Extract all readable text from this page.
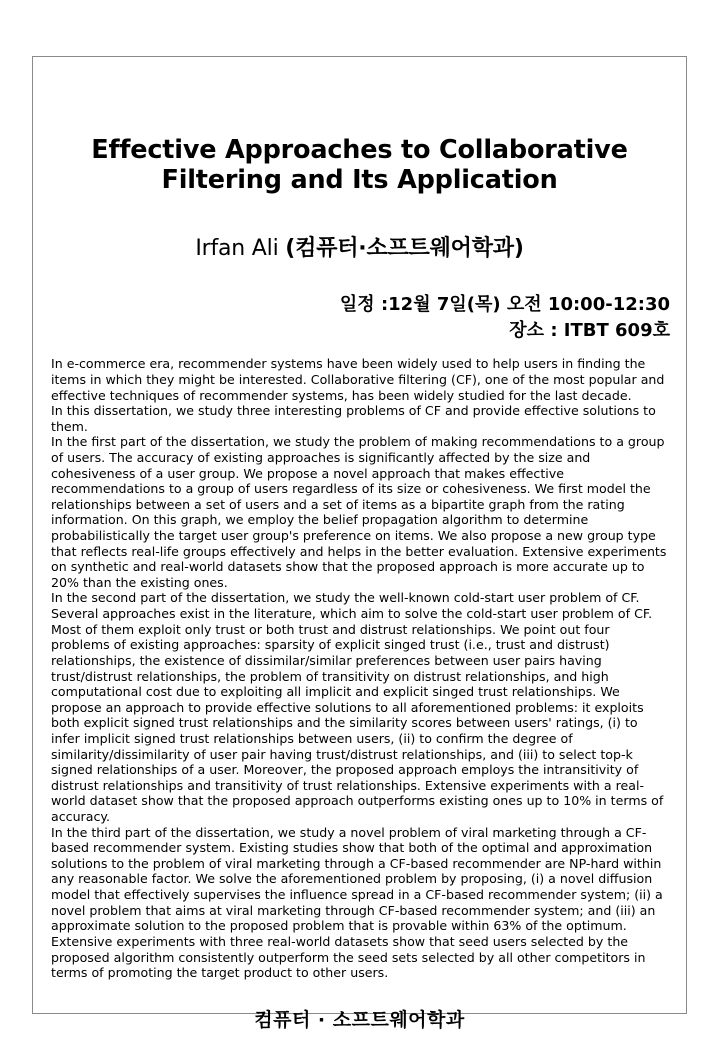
Effective Approaches to Collaborative
Filtering and Its Application
Irfan Ali (컴퓨터·소프트웨어학과)
일정 :12월 7일(목) 오전 10:00-12:30
장소 : ITBT 609호

In e-commerce era, recommender systems have been widely used to help users in finding the items in which they might be interested. Collaborative filtering (CF), one of the most popular and effective techniques of recommender systems, has been widely studied for the last decade.

In this dissertation, we study three interesting problems of CF and provide effective solutions to them.

In the first part of the dissertation, we study the problem of making recommendations to a group of users. The accuracy of existing approaches is significantly affected by the size and cohesiveness of a user group. We propose a novel approach that makes effective recommendations to a group of users regardless of its size or cohesiveness. We first model the relationships between a set of users and a set of items as a bipartite graph from the rating information. On this graph, we employ the belief propagation algorithm to determine probabilistically the target user group's preference on items. We also propose a new group type that reflects real-life groups effectively and helps in the better evaluation. Extensive experiments on synthetic and real-world datasets show that the proposed approach is more accurate up to 20% than the existing ones.

In the second part of the dissertation, we study the well-known cold-start user problem of CF. Several approaches exist in the literature, which aim to solve the cold-start user problem of CF. Most of them exploit only trust or both trust and distrust relationships. We point out four problems of existing approaches: sparsity of explicit singed trust (i.e., trust and distrust) relationships, the existence of dissimilar/similar preferences between user pairs having trust/distrust relationships, the problem of transitivity on distrust relationships, and high computational cost due to exploiting all implicit and explicit singed trust relationships. We propose an approach to provide effective solutions to all aforementioned problems: it exploits both explicit signed trust relationships and the similarity scores between users' ratings, (i) to infer implicit signed trust relationships between users, (ii) to confirm the degree of similarity/dissimilarity of user pair having trust/distrust relationships, and (iii) to select top-k signed relationships of a user. Moreover, the proposed approach employs the intransitivity of distrust relationships and transitivity of trust relationships. Extensive experiments with a real-world dataset show that the proposed approach outperforms existing ones up to 10% in terms of accuracy.

In the third part of the dissertation, we study a novel problem of viral marketing through a CF-based recommender system. Existing studies show that both of the optimal and approximation solutions to the problem of viral marketing through a CF-based recommender are NP-hard within any reasonable factor. We solve the aforementioned problem by proposing, (i) a novel diffusion model that effectively supervises the influence spread in a CF-based recommender system; (ii) a novel problem that aims at viral marketing through CF-based recommender system; and (iii) an approximate solution to the proposed problem that is provable within 63% of the optimum. Extensive experiments with three real-world datasets show that seed users selected by the proposed algorithm consistently outperform the seed sets selected by all other competitors in terms of promoting the target product to other users.

컴퓨터 · 소프트웨어학과
